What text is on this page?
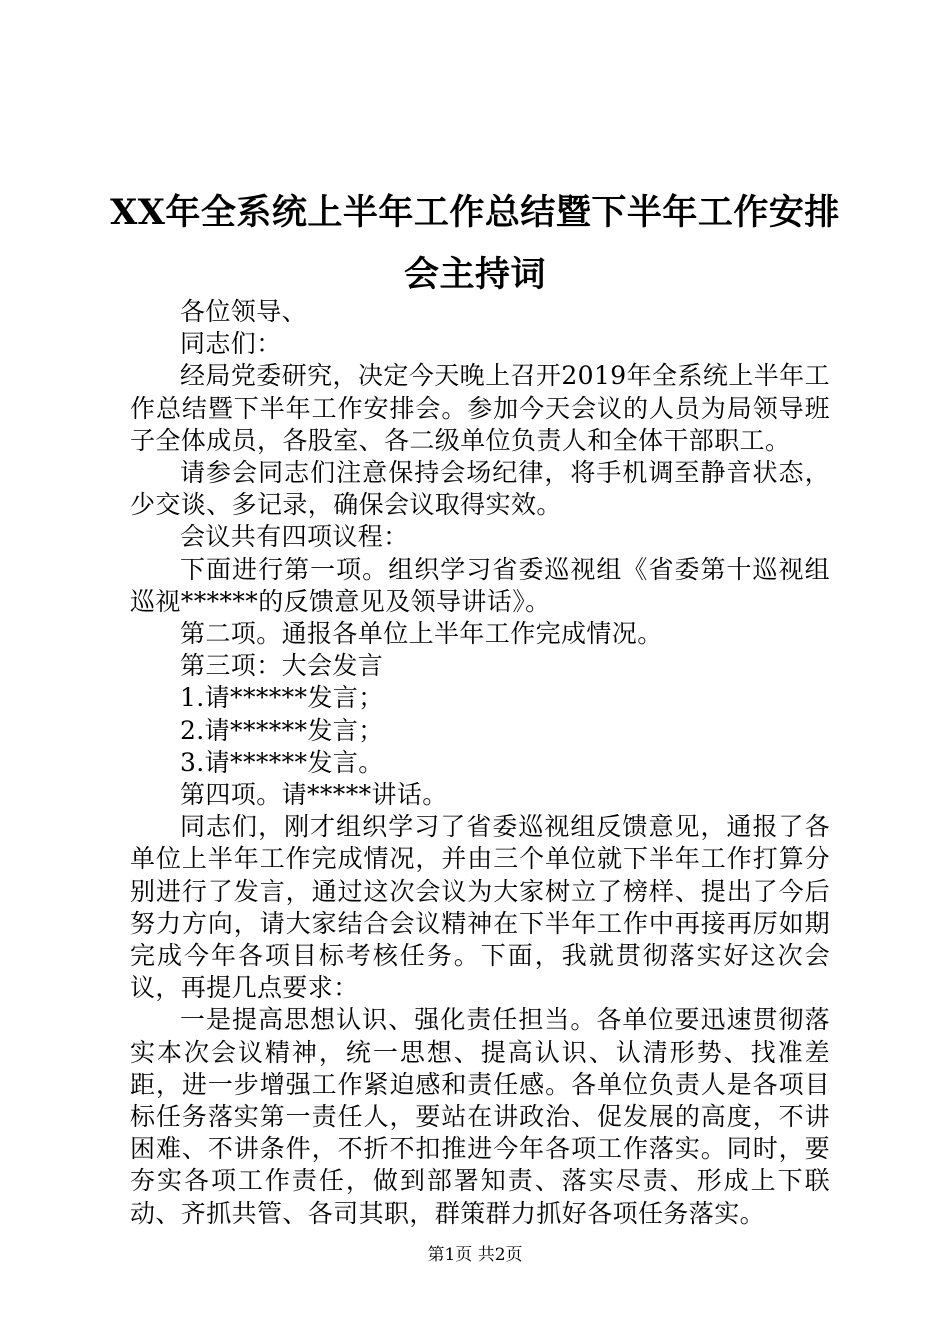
XX年全系统上半年工作总结暨下半年工作安排会主持词

各位领导、

同志们：

经局党委研究，决定今天晚上召开2019年全系统上半年工作总结暨下半年工作安排会。参加今天会议的人员为局领导班子全体成员，各股室、各二级单位负责人和全体干部职工。

请参会同志们注意保持会场纪律，将手机调至静音状态，少交谈、多记录，确保会议取得实效。

会议共有四项议程：

下面进行第一项。组织学习省委巡视组《省委第十巡视组巡视******的反馈意见及领导讲话》。

第二项。通报各单位上半年工作完成情况。

第三项：大会发言

1.请******发言；

2.请******发言；

3.请******发言。

第四项。请*****讲话。

同志们，刚才组织学习了省委巡视组反馈意见，通报了各单位上半年工作完成情况，并由三个单位就下半年工作打算分别进行了发言，通过这次会议为大家树立了榜样、提出了今后努力方向，请大家结合会议精神在下半年工作中再接再厉如期完成今年各项目标考核任务。下面，我就贯彻落实好这次会议，再提几点要求：

一是提高思想认识、强化责任担当。各单位要迅速贯彻落实本次会议精神，统一思想、提高认识、认清形势、找准差距，进一步增强工作紧迫感和责任感。各单位负责人是各项目标任务落实第一责任人，要站在讲政治、促发展的高度，不讲困难、不讲条件，不折不扣推进今年各项工作落实。同时，要夯实各项工作责任，做到部署知责、落实尽责、形成上下联动、齐抓共管、各司其职，群策群力抓好各项任务落实。

第1页 共2页
